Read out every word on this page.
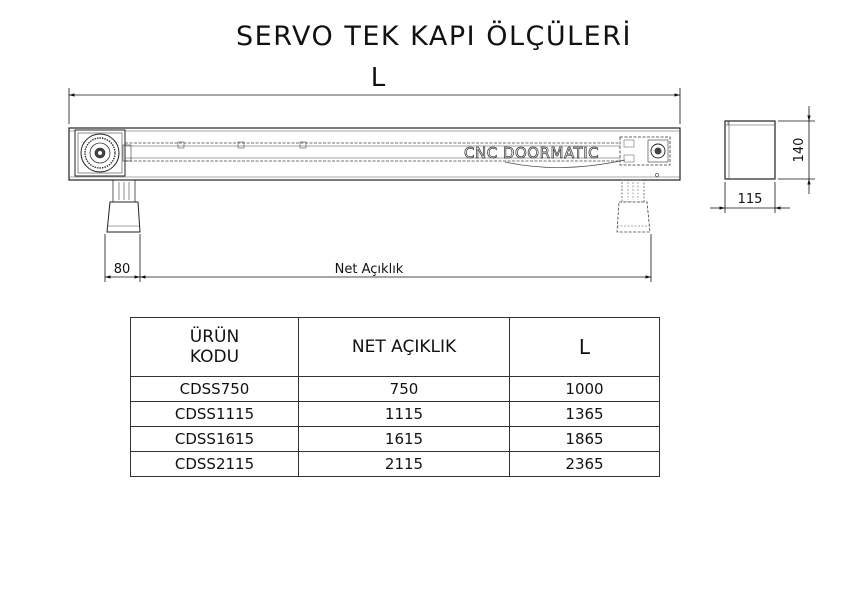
SERVO TEK KAPI ÖLÇÜLERİ
L
CNC DOORMATIC
80	Net Açıklık
140
115
ÜRÜN
KODU	NET AÇIKLIK	L
CDSS750	750	1000
CDSS1115	1115	1365
CDSS1615	1615	1865
CDSS2115	2115	2365
